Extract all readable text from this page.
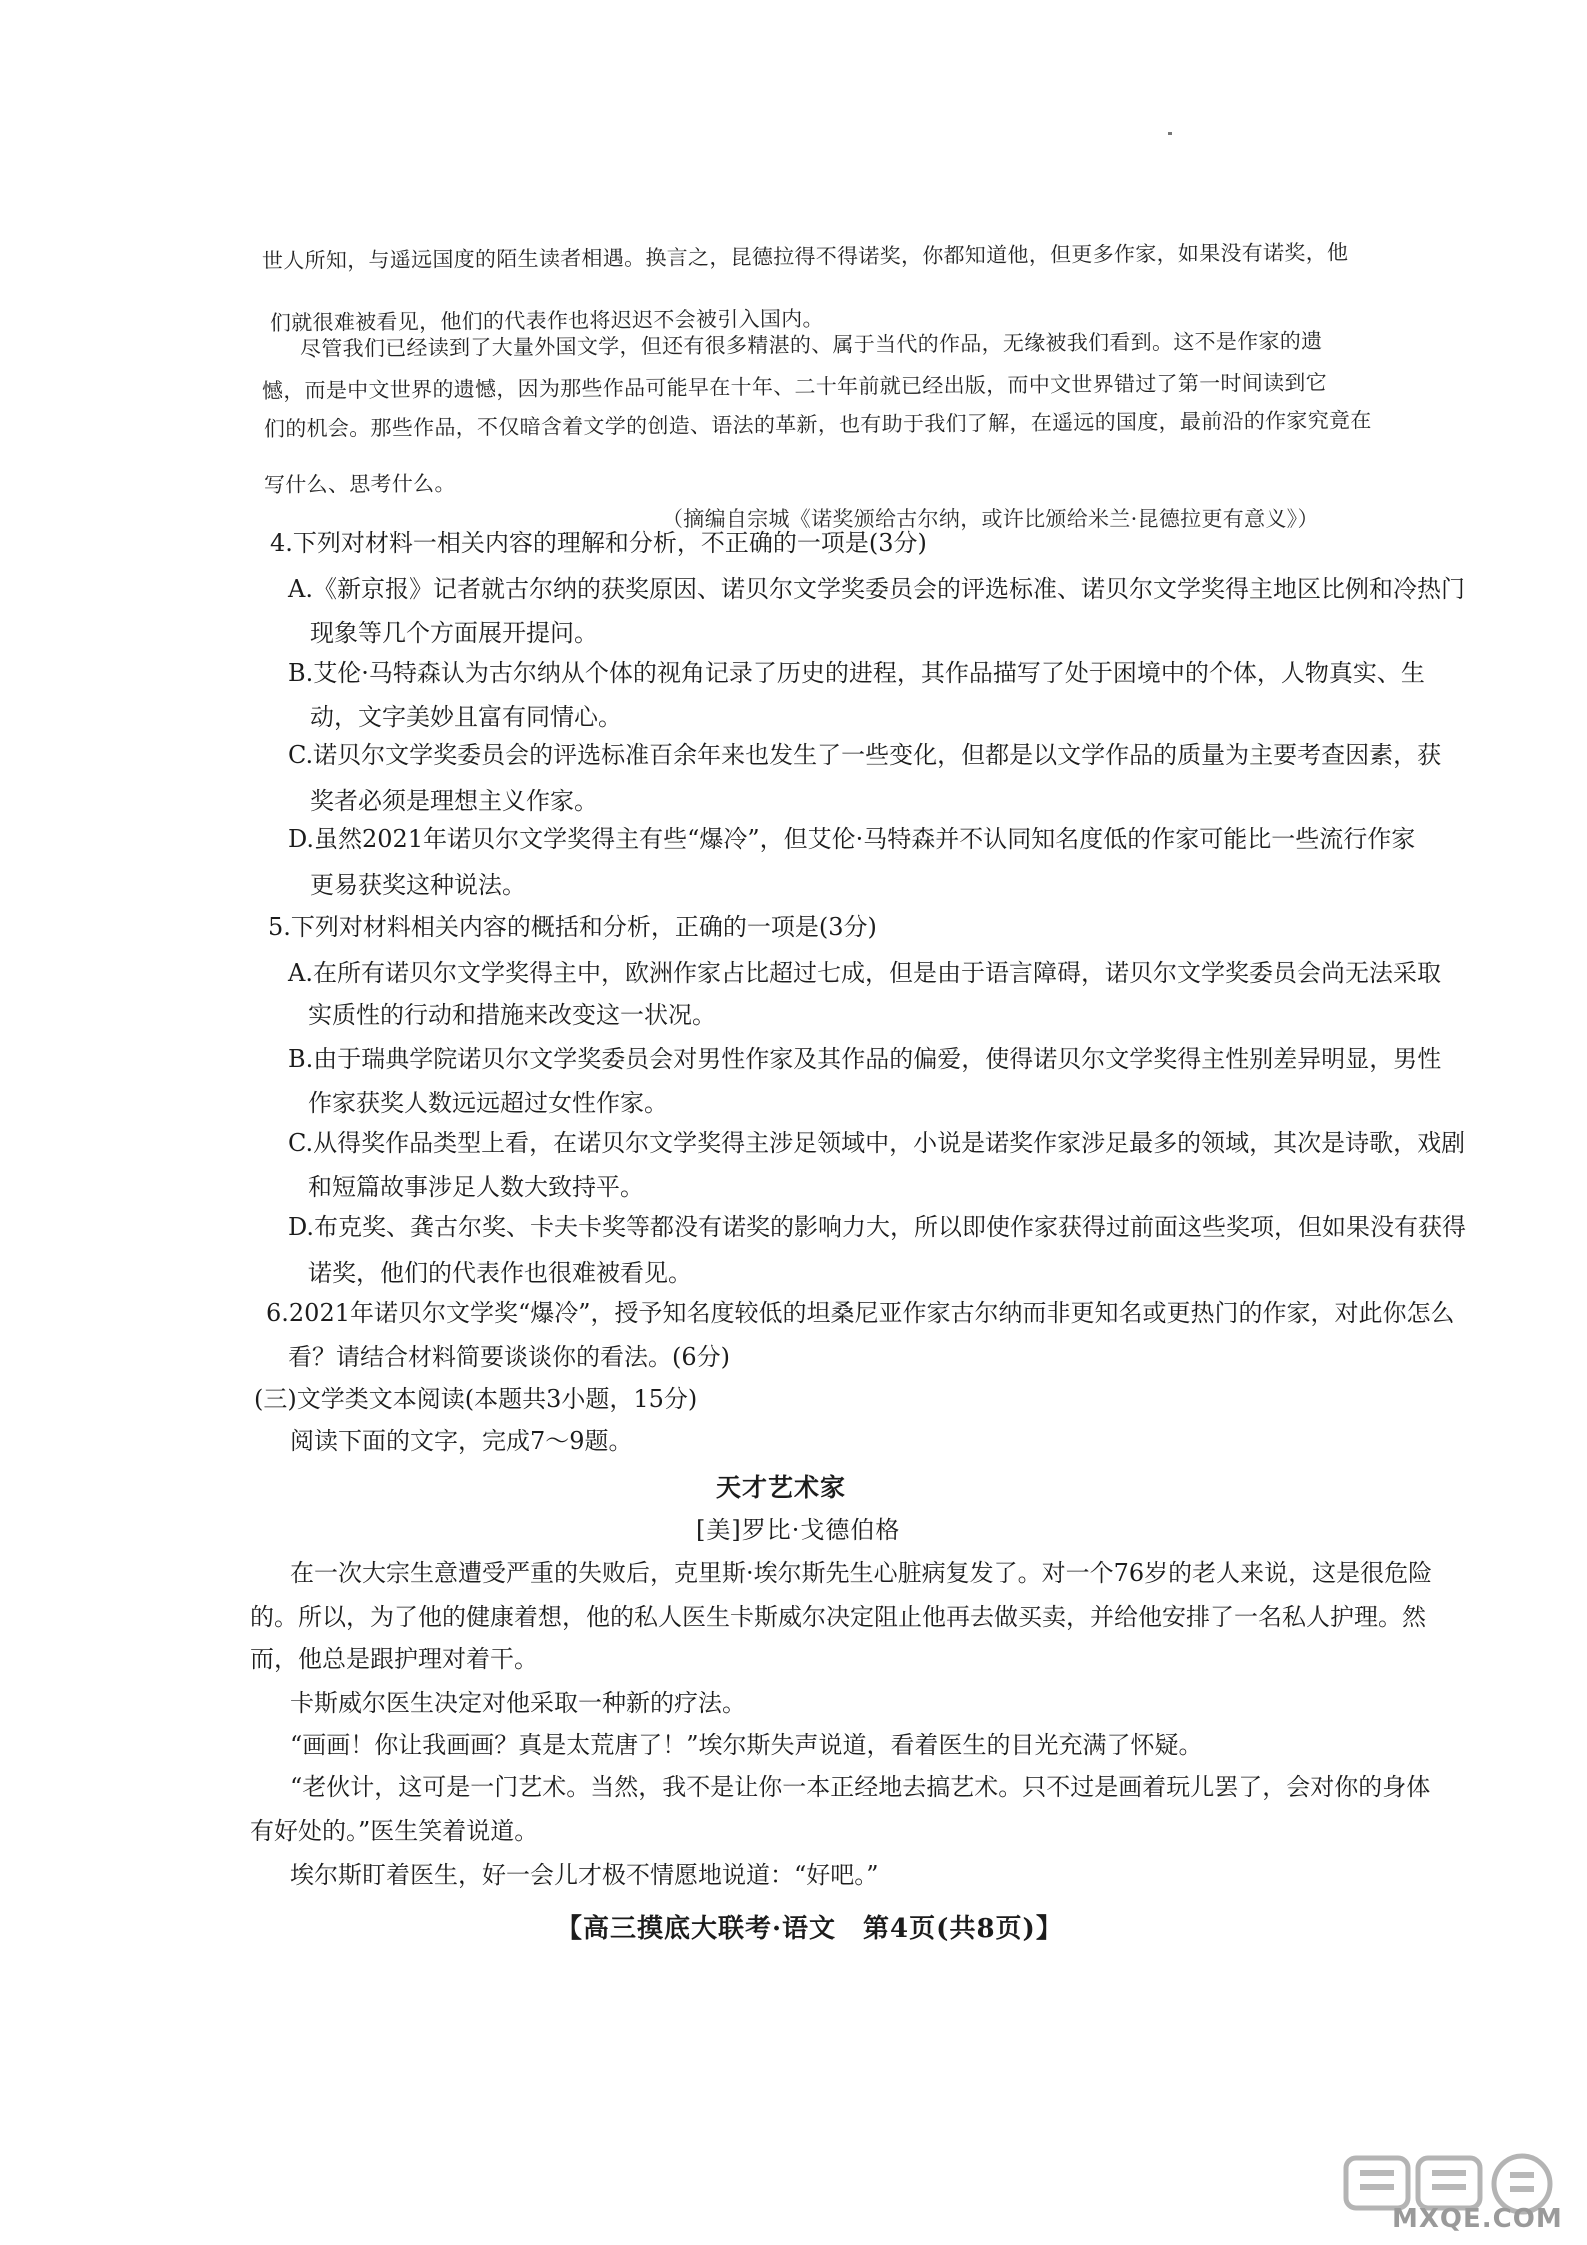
世人所知，与遥远国度的陌生读者相遇。换言之，昆德拉得不得诺奖，你都知道他，但更多作家，如果没有诺奖，他
们就很难被看见，他们的代表作也将迟迟不会被引入国内。
尽管我们已经读到了大量外国文学，但还有很多精湛的、属于当代的作品，无缘被我们看到。这不是作家的遗
憾，而是中文世界的遗憾，因为那些作品可能早在十年、二十年前就已经出版，而中文世界错过了第一时间读到它
们的机会。那些作品，不仅暗含着文学的创造、语法的革新，也有助于我们了解，在遥远的国度，最前沿的作家究竟在
写什么、思考什么。
（摘编自宗城《诺奖颁给古尔纳，或许比颁给米兰·昆德拉更有意义》）
4.下列对材料一相关内容的理解和分析，不正确的一项是(3分)
A.《新京报》记者就古尔纳的获奖原因、诺贝尔文学奖委员会的评选标准、诺贝尔文学奖得主地区比例和冷热门
现象等几个方面展开提问。
B.艾伦·马特森认为古尔纳从个体的视角记录了历史的进程，其作品描写了处于困境中的个体，人物真实、生
动，文字美妙且富有同情心。
C.诺贝尔文学奖委员会的评选标准百余年来也发生了一些变化，但都是以文学作品的质量为主要考查因素，获
奖者必须是理想主义作家。
D.虽然2021年诺贝尔文学奖得主有些“爆冷”，但艾伦·马特森并不认同知名度低的作家可能比一些流行作家
更易获奖这种说法。
5.下列对材料相关内容的概括和分析，正确的一项是(3分)
A.在所有诺贝尔文学奖得主中，欧洲作家占比超过七成，但是由于语言障碍，诺贝尔文学奖委员会尚无法采取
实质性的行动和措施来改变这一状况。
B.由于瑞典学院诺贝尔文学奖委员会对男性作家及其作品的偏爱，使得诺贝尔文学奖得主性别差异明显，男性
作家获奖人数远远超过女性作家。
C.从得奖作品类型上看，在诺贝尔文学奖得主涉足领域中，小说是诺奖作家涉足最多的领域，其次是诗歌，戏剧
和短篇故事涉足人数大致持平。
D.布克奖、龚古尔奖、卡夫卡奖等都没有诺奖的影响力大，所以即使作家获得过前面这些奖项，但如果没有获得
诺奖，他们的代表作也很难被看见。
6.2021年诺贝尔文学奖“爆冷”，授予知名度较低的坦桑尼亚作家古尔纳而非更知名或更热门的作家，对此你怎么
看？请结合材料简要谈谈你的看法。(6分)
(三)文学类文本阅读(本题共3小题，15分)
阅读下面的文字，完成7～9题。
天才艺术家
[美]罗比·戈德伯格
在一次大宗生意遭受严重的失败后，克里斯·埃尔斯先生心脏病复发了。对一个76岁的老人来说，这是很危险
的。所以，为了他的健康着想，他的私人医生卡斯威尔决定阻止他再去做买卖，并给他安排了一名私人护理。然
而，他总是跟护理对着干。
卡斯威尔医生决定对他采取一种新的疗法。
“画画！你让我画画？真是太荒唐了！”埃尔斯失声说道，看着医生的目光充满了怀疑。
“老伙计，这可是一门艺术。当然，我不是让你一本正经地去搞艺术。只不过是画着玩儿罢了，会对你的身体
有好处的。”医生笑着说道。
埃尔斯盯着医生，好一会儿才极不情愿地说道：“好吧。”
【高三摸底大联考·语文　第4页(共8页)】
MXQE.COM
